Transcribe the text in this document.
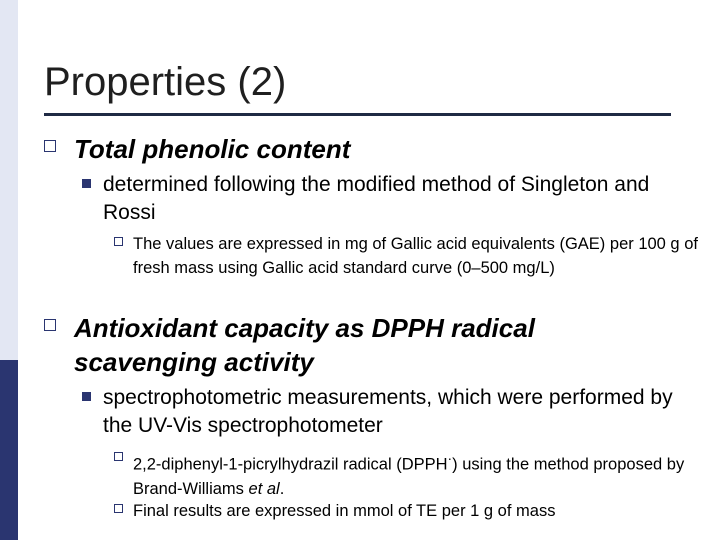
Properties (2)
Total phenolic content
determined following the modified method of Singleton and Rossi
The values are expressed in mg of Gallic acid equivalents (GAE) per 100 g of fresh mass using Gallic acid standard curve (0–500 mg/L)
Antioxidant capacity as DPPH radical scavenging activity
spectrophotometric measurements, which were performed by the UV-Vis spectrophotometer
2,2-diphenyl-1-picrylhydrazil radical (DPPH·) using the method proposed by Brand-Williams et al.
Final results are expressed in mmol of TE per 1 g of mass
